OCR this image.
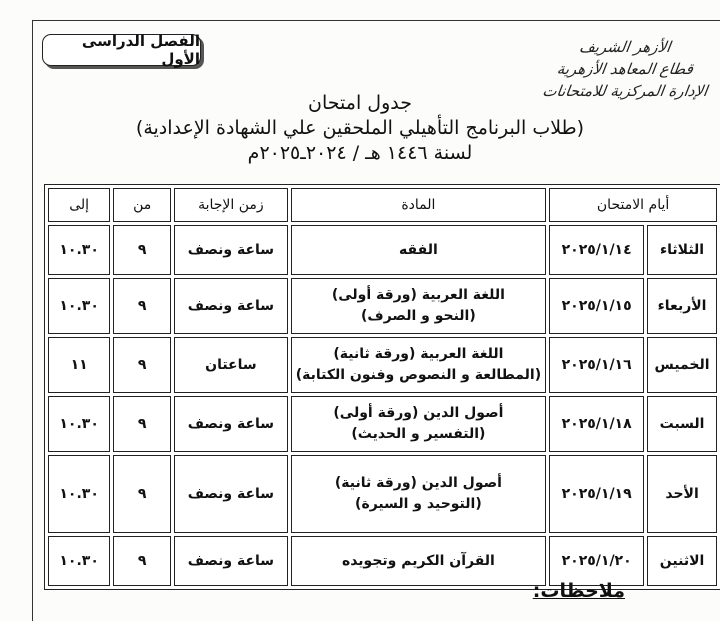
الفصل الدراسى الأول
الأزهر الشريف
قطاع المعاهد الأزهرية
الإدارة المركزية للامتحانات
جدول امتحان
(طلاب البرنامج التأهيلي الملحقين علي الشهادة الإعدادية)
لسنة ١٤٤٦ هـ / ٢٠٢٤ـ٢٠٢٥م
أيام الامتحان		المادة	زمن الإجابة	من	إلى
الثلاثاء	٢٠٢٥/١/١٤	الفقه	ساعة ونصف	٩	١٠.٣٠
الأربعاء	٢٠٢٥/١/١٥	اللغة العربية (ورقة أولى)
(النحو و الصرف)	ساعة ونصف	٩	١٠.٣٠
الخميس	٢٠٢٥/١/١٦	اللغة العربية (ورقة ثانية)
(المطالعة و النصوص وفنون الكتابة)	ساعتان	٩	١١
السبت	٢٠٢٥/١/١٨	أصول الدين (ورقة أولى)
(التفسير و الحديث)	ساعة ونصف	٩	١٠.٣٠
الأحد	٢٠٢٥/١/١٩	أصول الدين (ورقة ثانية)
(التوحيد و السيرة)	ساعة ونصف	٩	١٠.٣٠
الاثنين	٢٠٢٥/١/٢٠	القرآن الكريم وتجويده	ساعة ونصف	٩	١٠.٣٠
ملاحظات:
